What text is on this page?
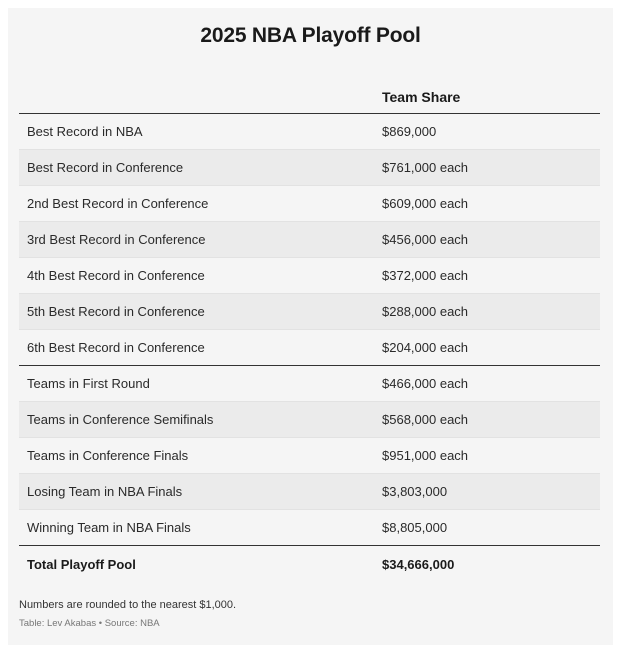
2025 NBA Playoff Pool
Team Share
Best Record in NBA	$869,000
Best Record in Conference	$761,000 each
2nd Best Record in Conference	$609,000 each
3rd Best Record in Conference	$456,000 each
4th Best Record in Conference	$372,000 each
5th Best Record in Conference	$288,000 each
6th Best Record in Conference	$204,000 each
Teams in First Round	$466,000 each
Teams in Conference Semifinals	$568,000 each
Teams in Conference Finals	$951,000 each
Losing Team in NBA Finals	$3,803,000
Winning Team in NBA Finals	$8,805,000
Total Playoff Pool	$34,666,000
Numbers are rounded to the nearest $1,000.
Table: Lev Akabas • Source: NBA
